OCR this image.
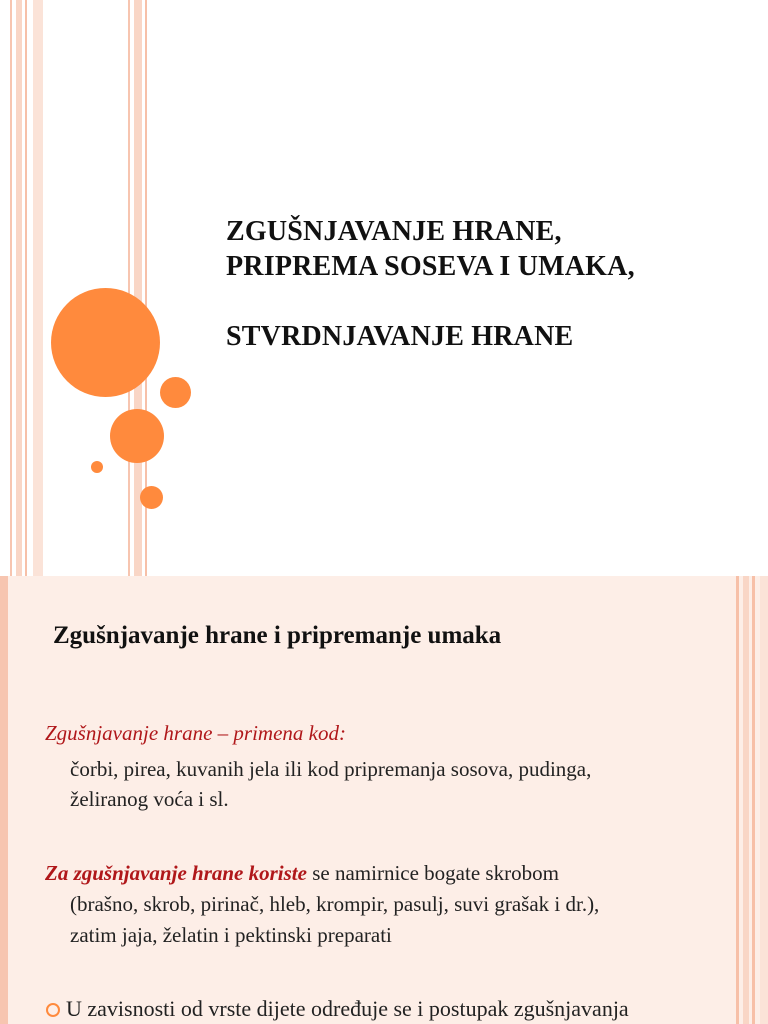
ZGUŠNJAVANJE HRANE,
PRIPREMA SOSEVA I UMAKA,
STVRDNJAVANJE HRANE
Zgušnjavanje hrane i pripremanje umaka
Zgušnjavanje hrane – primena kod:
čorbi, pirea, kuvanih jela ili kod pripremanja sosova, pudinga,
želiranog voća i sl.
Za zgušnjavanje hrane koriste se namirnice bogate skrobom
(brašno, skrob, pirinač, hleb, krompir, pasulj, suvi grašak i dr.),
zatim jaja, želatin i pektinski preparati
U zavisnosti od vrste dijete određuje se i postupak zgušnjavanja
